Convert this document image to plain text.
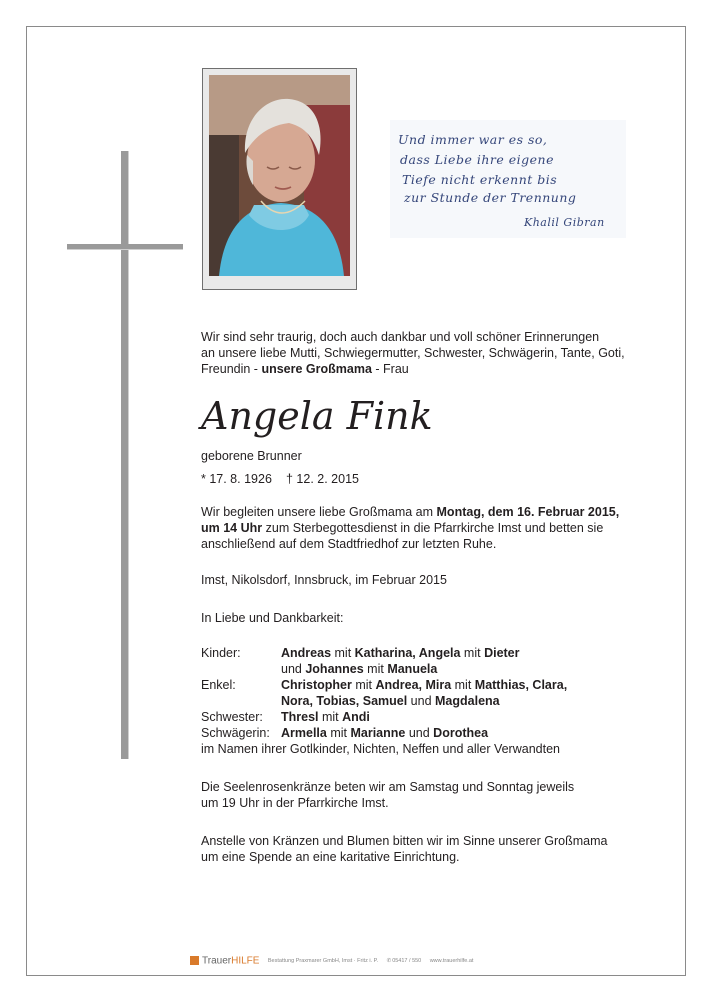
Und immer war es so,
dass Liebe ihre eigene
Tiefe nicht erkennt bis
zur Stunde der Trennung
Khalil Gibran
Wir sind sehr traurig, doch auch dankbar und voll schöner Erinnerungen
an unsere liebe Mutti, Schwiegermutter, Schwester, Schwägerin, Tante, Goti,
Freundin - unsere Großmama - Frau
Angela Fink
geborene Brunner
* 17. 8. 1926 † 12. 2. 2015
Wir begleiten unsere liebe Großmama am Montag, dem 16. Februar 2015,
um 14 Uhr zum Sterbegottesdienst in die Pfarrkirche Imst und betten sie
anschließend auf dem Stadtfriedhof zur letzten Ruhe.
Imst, Nikolsdorf, Innsbruck, im Februar 2015
In Liebe und Dankbarkeit:
Kinder:	Andreas mit Katharina, Angela mit Dieter
und Johannes mit Manuela
Enkel:	Christopher mit Andrea, Mira mit Matthias, Clara,
Nora, Tobias, Samuel und Magdalena
Schwester: Thresl mit Andi
Schwägerin: Armella mit Marianne und Dorothea
im Namen ihrer Gotlkinder, Nichten, Neffen und aller Verwandten
Die Seelenrosenkränze beten wir am Samstag und Sonntag jeweils
um 19 Uhr in der Pfarrkirche Imst.
Anstelle von Kränzen und Blumen bitten wir im Sinne unserer Großmama
um eine Spende an eine karitative Einrichtung.
TrauerHILFE Bestattung Praxmarer GmbH, Imst · Fritz i. P. ✆05417 / 550 www.trauerhilfe.at
